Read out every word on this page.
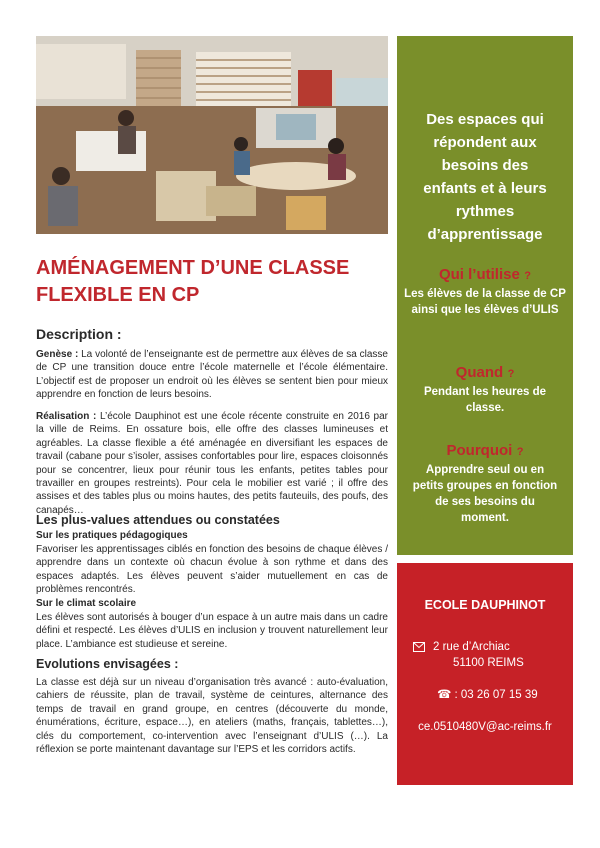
AMÉNAGEMENT D’UNE CLASSE
FLEXIBLE EN CP
Description :

Genèse : La volonté de l’enseignante est de permettre aux élèves de sa classe de CP une transition douce entre l’école maternelle et l’école élémentaire. L’objectif est de proposer un endroit où les élèves se sentent bien pour mieux apprendre en fonction de leurs besoins.

Réalisation : L’école Dauphinot est une école récente construite en 2016 par la ville de Reims. En ossature bois, elle offre des classes lumineuses et agréables. La classe flexible a été aménagée en diversifiant les espaces de travail (cabane pour s’isoler, assises confortables pour lire, espaces cloisonnés pour se concentrer, lieux pour réunir tous les enfants, petites tables pour travailler en groupes restreints). Pour cela le mobilier est varié ; il offre des assises et des tables plus ou moins hautes, des petits fauteuils, des poufs, des canapés…

Les plus-values attendues ou constatées
Sur les pratiques pédagogiques

Favoriser les apprentissages ciblés en fonction des besoins de chaque élèves / apprendre dans un contexte où chacun évolue à son rythme et dans des espaces adaptés. Les élèves peuvent s’aider mutuellement en cas de problèmes rencontrés.

Sur le climat scolaire

Les élèves sont autorisés à bouger d’un espace à un autre mais dans un cadre défini et respecté. Les élèves d’ULIS en inclusion y trouvent naturellement leur place. L’ambiance est studieuse et sereine.

Evolutions envisagées :

La classe est déjà sur un niveau d’organisation très avancé : auto-évaluation, cahiers de réussite, plan de travail, système de ceintures, alternance des temps de travail en grand groupe, en centres (découverte du monde, énumérations, écriture, espace…), en ateliers (maths, français, tablettes…), clés du comportement, co-intervention avec l’enseignant d’ULIS (…). La réflexion se porte maintenant davantage sur l’EPS et les corridors actifs.

Des espaces qui
répondent aux
besoins des
enfants et à leurs
rythmes
d’apprentissage

Qui l’utilise ?
Les élèves de la classe de CP ainsi que les élèves d’ULIS
Quand ?
Pendant les heures de classe.
Pourquoi ?
Apprendre seul ou en petits groupes en fonction de ses besoins du moment.
ECOLE DAUPHINOT
2 rue d’Archiac
51100 REIMS
☎ : 03 26 07 15 39
ce.0510480V@ac-reims.fr
